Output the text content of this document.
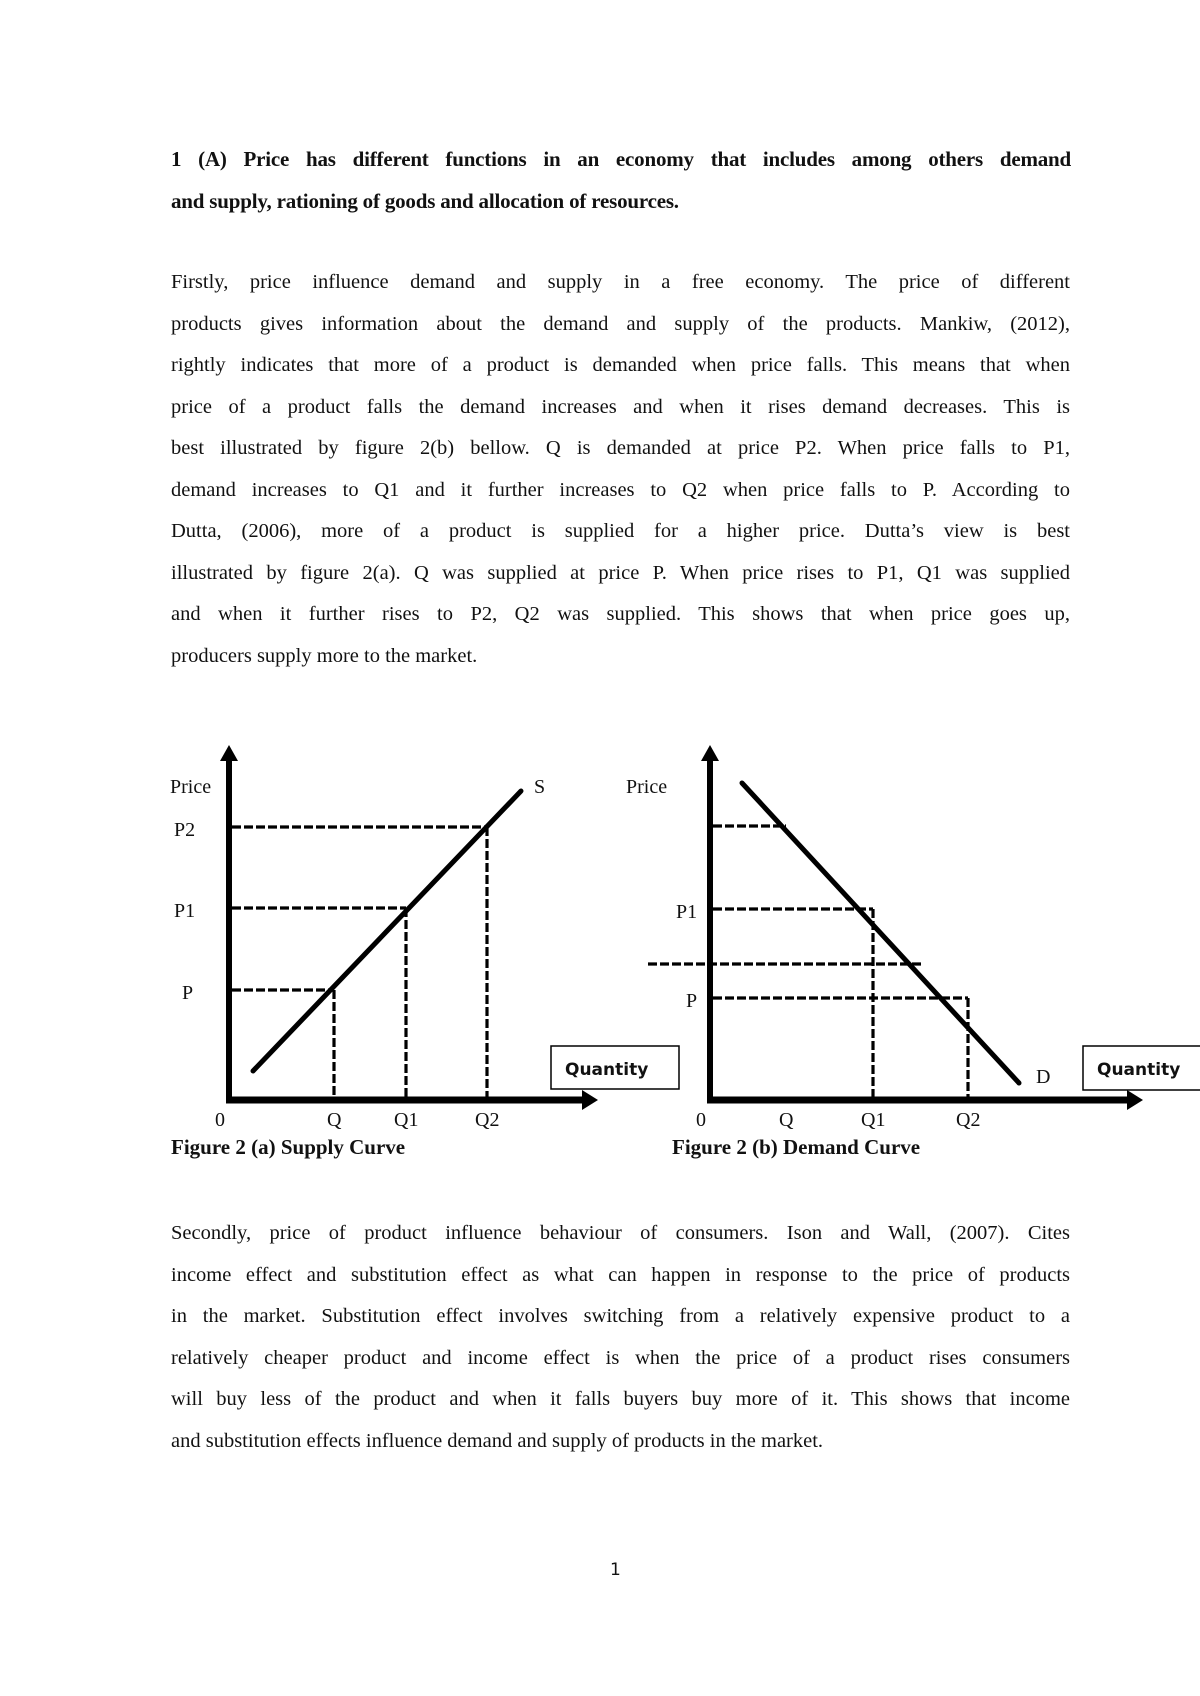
1 (A) Price has different functions in an economy that includes among others demand
and supply, rationing of goods and allocation of resources.
Firstly, price influence demand and supply in a free economy. The price of different
products gives information about the demand and supply of the products. Mankiw, (2012),
rightly indicates that more of a product is demanded when price falls. This means that when
price of a product falls the demand increases and when it rises demand decreases. This is
best illustrated by figure 2(b) bellow. Q is demanded at price P2. When price falls to P1,
demand increases to Q1 and it further increases to Q2 when price falls to P. According to
Dutta, (2006), more of a product is supplied for a higher price. Dutta’s view is best
illustrated by figure 2(a). Q was supplied at price P. When price rises to P1, Q1 was supplied
and when it further rises to P2, Q2 was supplied. This shows that when price goes up,
producers supply more to the market.
Price
P
P1
P2
0	Q	Q1	Q2
S
Quantity
Price
P
P1
0	Q	Q1	Q2
D	Quantity
Figure 2 (a) Supply Curve	Figure 2 (b) Demand Curve
Secondly, price of product influence behaviour of consumers. Ison and Wall, (2007). Cites
income effect and substitution effect as what can happen in response to the price of products
in the market. Substitution effect involves switching from a relatively expensive product to a
relatively cheaper product and income effect is when the price of a product rises consumers
will buy less of the product and when it falls buyers buy more of it. This shows that income
and substitution effects influence demand and supply of products in the market.
1
